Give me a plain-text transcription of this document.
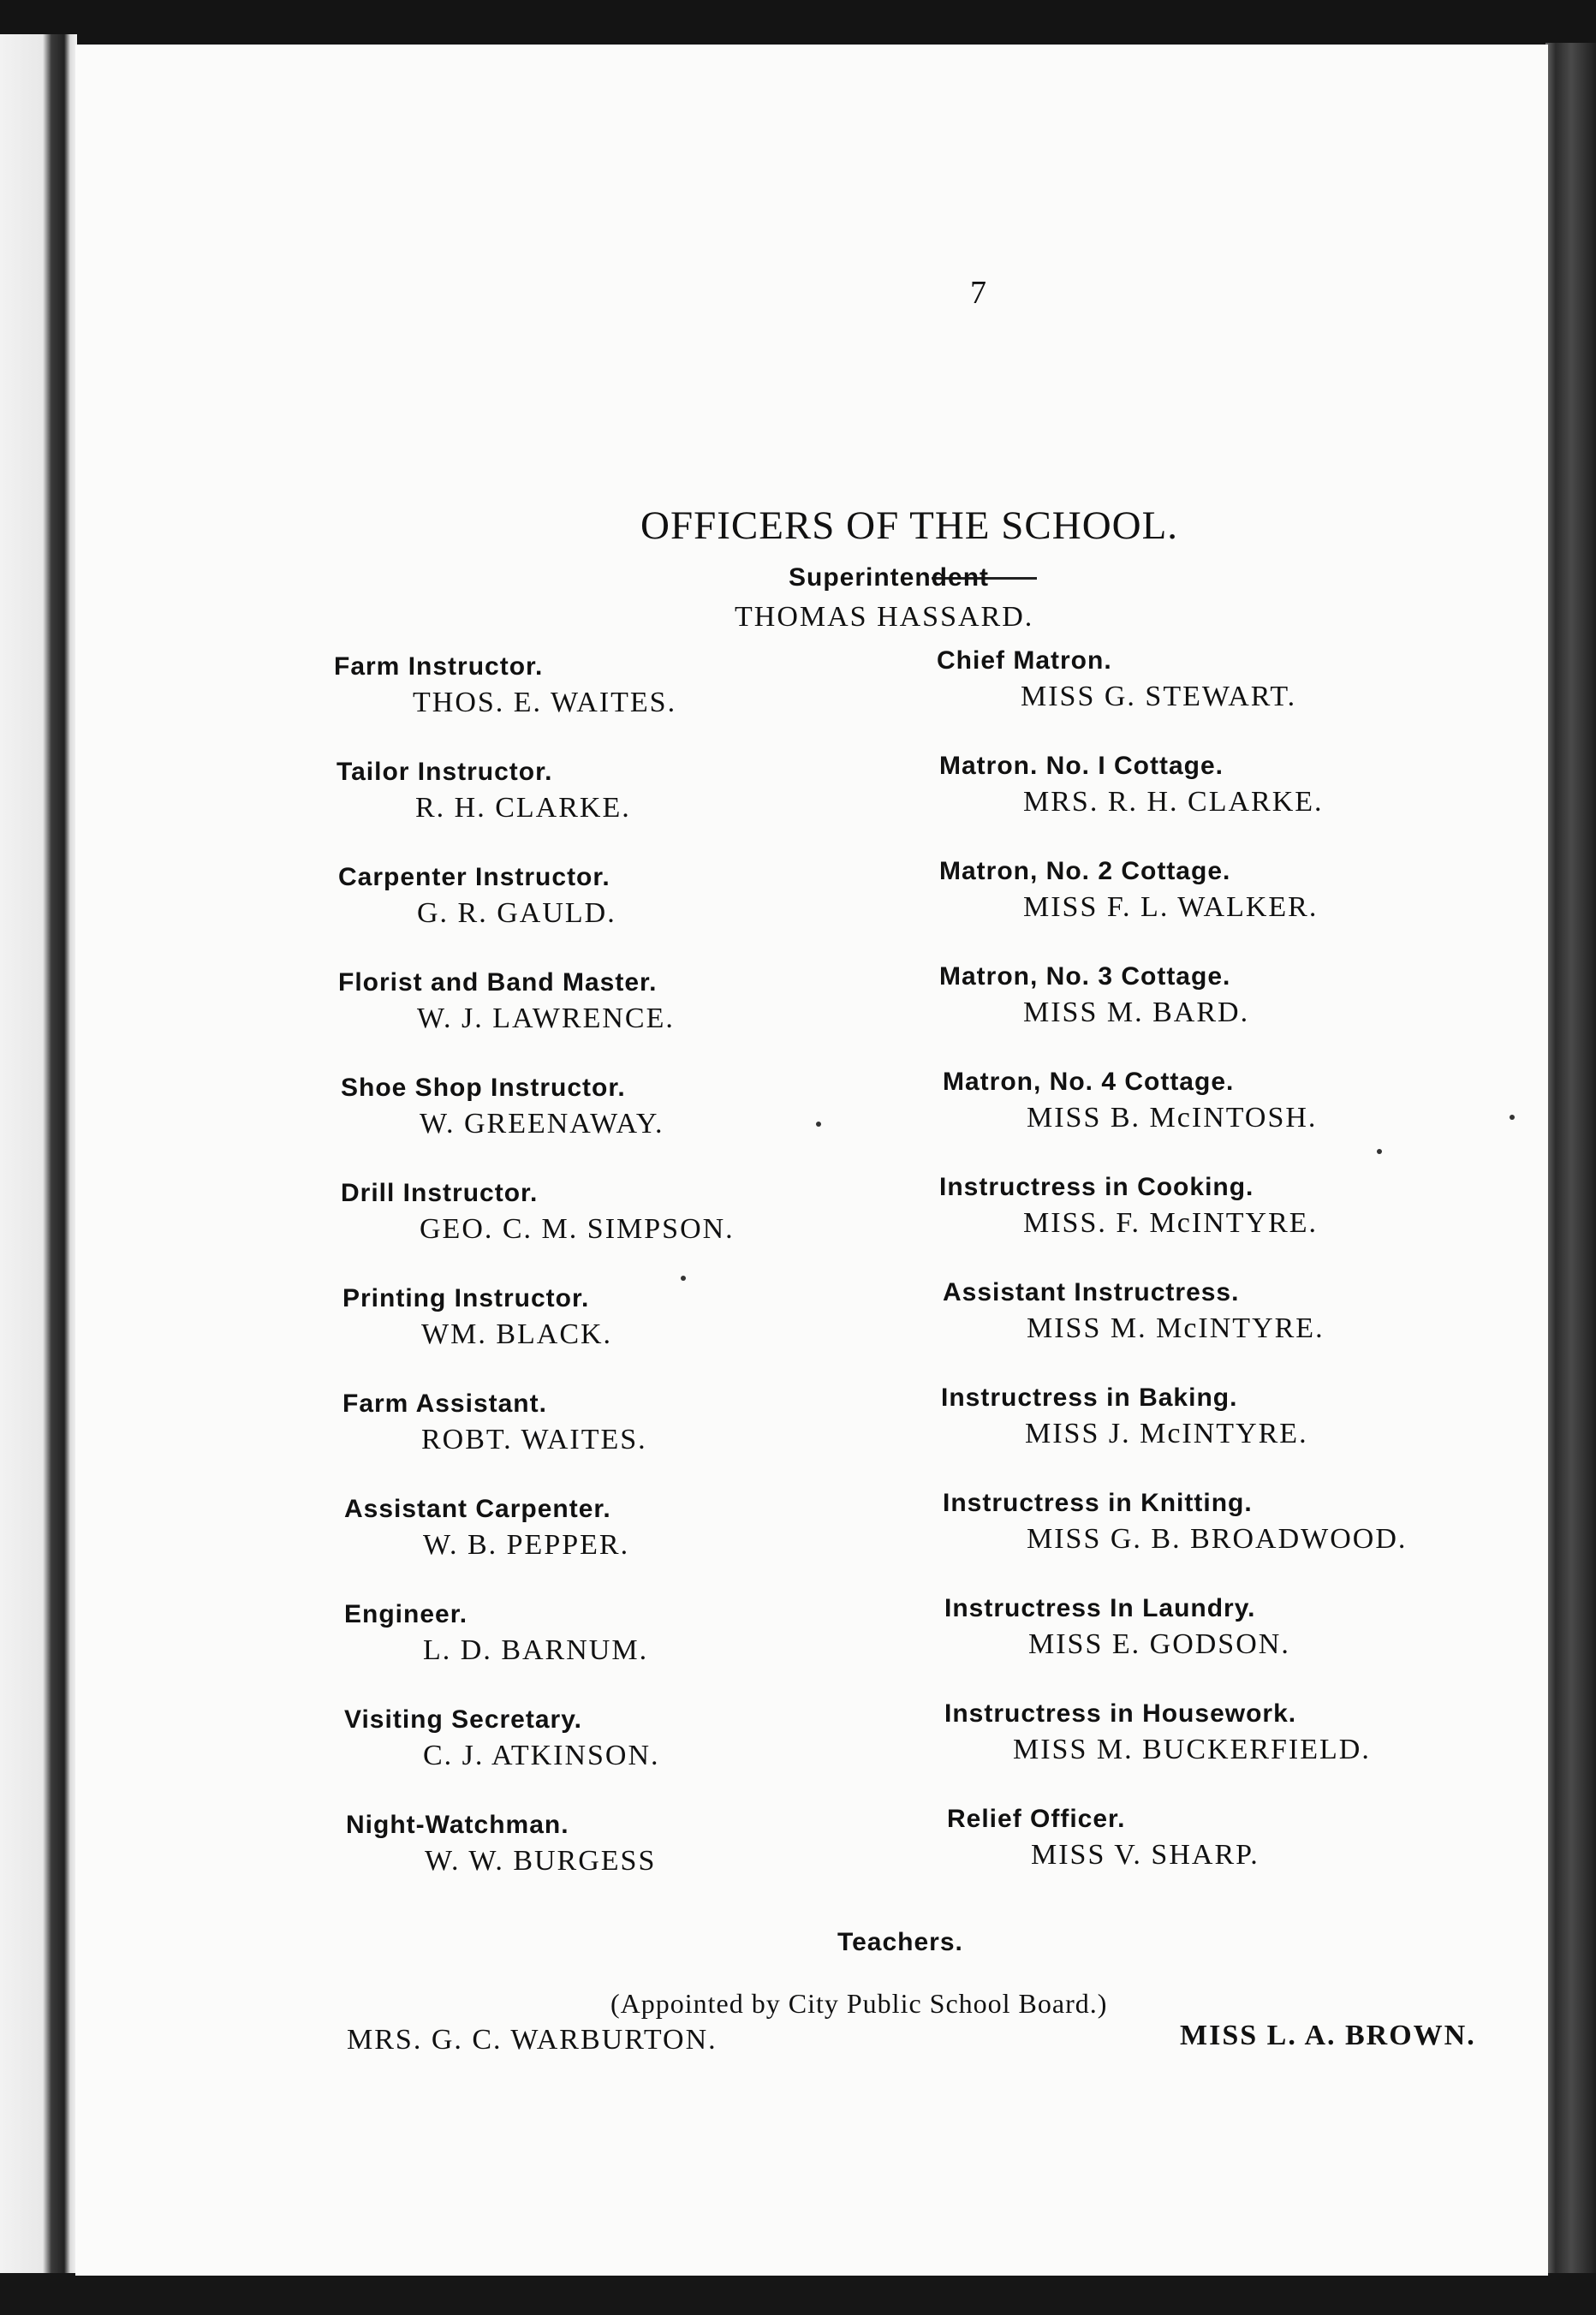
7
OFFICERS OF THE SCHOOL.
Superintendent
THOMAS HASSARD.
Farm Instructor.
THOS. E. WAITES.
Tailor Instructor.
R. H. CLARKE.
Carpenter Instructor.
G. R. GAULD.
Florist and Band Master.
W. J. LAWRENCE.
Shoe Shop Instructor.
W. GREENAWAY.
Drill Instructor.
GEO. C. M. SIMPSON.
Printing Instructor.
WM. BLACK.
Farm Assistant.
ROBT. WAITES.
Assistant Carpenter.
W. B. PEPPER.
Engineer.
L. D. BARNUM.
Visiting Secretary.
C. J. ATKINSON.
Night-Watchman.
W. W. BURGESS
Chief Matron.
MISS G. STEWART.
Matron. No. I Cottage.
MRS. R. H. CLARKE.
Matron, No. 2 Cottage.
MISS F. L. WALKER.
Matron, No. 3 Cottage.
MISS M. BARD.
Matron, No. 4 Cottage.
MISS B. McINTOSH.
Instructress in Cooking.
MISS. F. McINTYRE.
Assistant Instructress.
MISS M. McINTYRE.
Instructress in Baking.
MISS J. McINTYRE.
Instructress in Knitting.
MISS G. B. BROADWOOD.
Instructress In Laundry.
MISS E. GODSON.
Instructress in Housework.
MISS M. BUCKERFIELD.
Relief Officer.
MISS V. SHARP.
Teachers.
(Appointed by City Public School Board.)
MRS. G. C. WARBURTON.	MISS L. A. BROWN.
